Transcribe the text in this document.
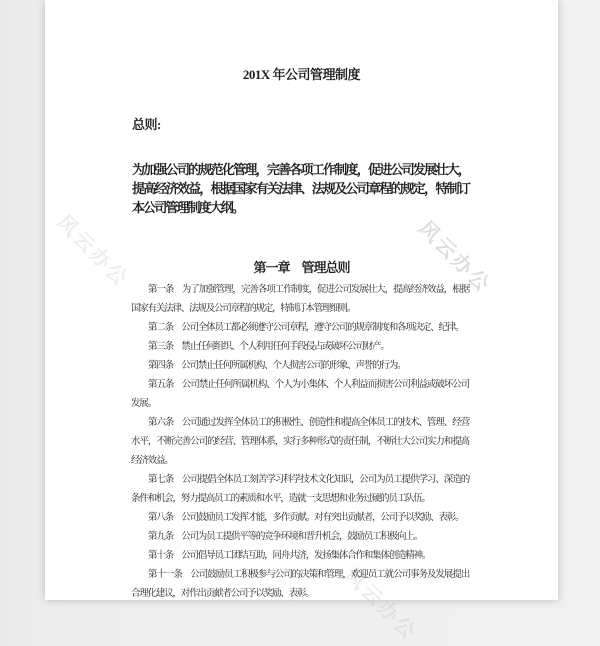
风云办公
风云办公
风云办公
201X 年公司管理制度
总则:
为加强公司的规范化管理，完善各项工作制度，促进公司发展壮大，
提高经济效益，根据国家有关法律、法规及公司章程的规定，特制订
本公司管理制度大纲。
第一章　管理总则
第一条　为了加强管理，完善各项工作制度，促进公司发展壮大，提高经济效益，根据
国家有关法律、法规及公司章程的规定，特制订本管理细则。
第二条　公司全体员工都必须遵守公司章程，遵守公司的规章制度和各项决定、纪律。
第三条　禁止任何组织、个人利用任何手段侵占或破坏公司财产。
第四条　公司禁止任何所属机构、个人损害公司的形象、声誉的行为。
第五条　公司禁止任何所属机构、个人为小集体、个人利益而损害公司利益或破坏公司
发展。
第六条　公司通过发挥全体员工的积极性、创造性和提高全体员工的技术、管理、经营
水平，不断完善公司的经营、管理体系，实行多种形式的责任制，不断壮大公司实力和提高
经济效益。
第七条　公司提倡全体员工刻苦学习科学技术文化知识，公司为员工提供学习、深造的
条件和机会，努力提高员工的素质和水平，造就一支思想和业务过硬的员工队伍。
第八条　公司鼓励员工发挥才能，多作贡献。对有突出贡献者，公司予以奖励、表彰。
第九条　公司为员工提供平等的竞争环境和晋升机会，鼓励员工积极向上。
第十条　公司倡导员工团结互助，同舟共济，发扬集体合作和集体创造精神。
第十一条　公司鼓励员工积极参与公司的决策和管理，欢迎员工就公司事务及发展提出
合理化建议，对作出贡献者公司予以奖励、表彰。
